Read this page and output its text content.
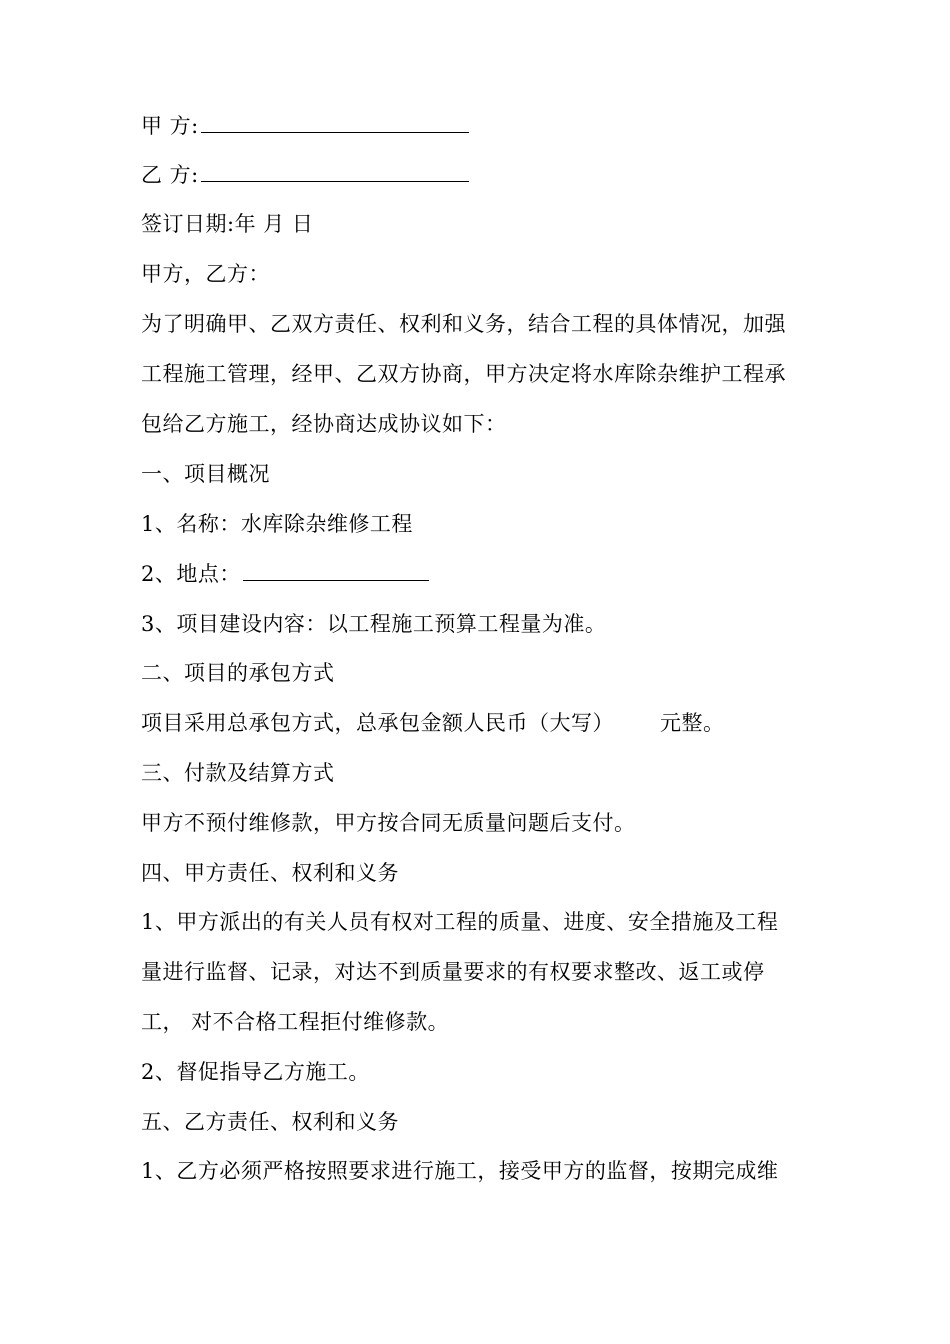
甲 方:
乙 方:
签订日期:年 月 日
甲方，乙方：
为了明确甲、乙双方责任、权利和义务，结合工程的具体情况，加强
工程施工管理，经甲、乙双方协商，甲方决定将水库除杂维护工程承
包给乙方施工，经协商达成协议如下：
一、项目概况
1、名称：水库除杂维修工程
2、地点：
3、项目建设内容：以工程施工预算工程量为准。
二、项目的承包方式
项目采用总承包方式，总承包金额人民币（大写） 元整。
三、付款及结算方式
甲方不预付维修款，甲方按合同无质量问题后支付。
四、甲方责任、权利和义务
1、甲方派出的有关人员有权对工程的质量、进度、安全措施及工程
量进行监督、记录，对达不到质量要求的有权要求整改、返工或停
工， 对不合格工程拒付维修款。
2、督促指导乙方施工。
五、乙方责任、权利和义务
1、乙方必须严格按照要求进行施工，接受甲方的监督，按期完成维
